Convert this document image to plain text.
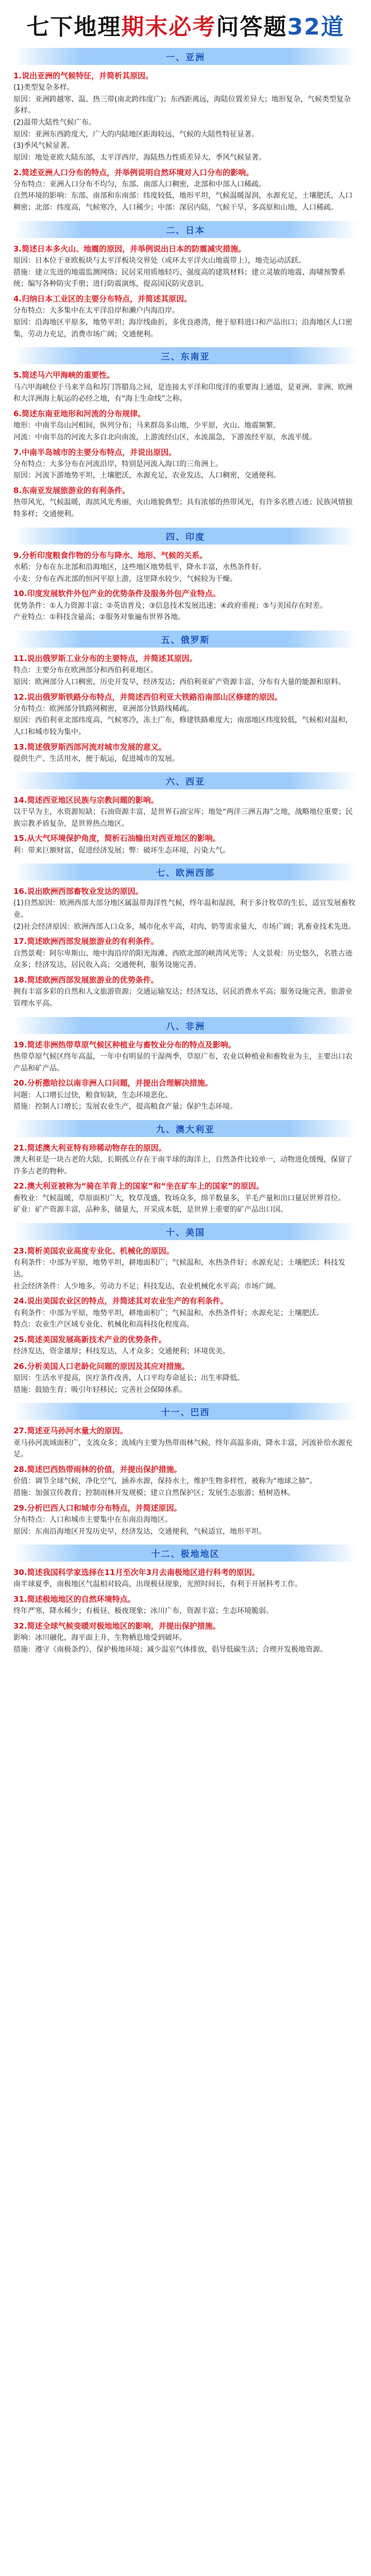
七下地理期末必考问答题32道
一、亚洲
1.说出亚洲的气候特征，并简析其原因。
(1)类型复杂多样。
原因：亚洲跨越寒、温、热三带(南北跨纬度广)；东西距离远，海陆位置差异大；地形复杂，气候类型复杂多样。
(2)温带大陆性气候广布。
原因：亚洲东西跨度大，广大的内陆地区距海较远，气候的大陆性特征显著。
(3)季风气候显著。
原因：地处亚欧大陆东部，太平洋西岸，海陆热力性质差异大，季风气候显著。
2.简述亚洲人口分布的特点，并举例说明自然环境对人口分布的影响。
分布特点：亚洲人口分布不均匀，东部、南部人口稠密，北部和中部人口稀疏。
自然环境的影响：东部、南部和东南部：纬度较低，地形平坦，气候温暖湿润，水源充足，土壤肥沃，人口稠密；北部：纬度高，气候寒冷，人口稀少；中部：深居内陆，气候干旱，多高原和山地，人口稀疏。
二、日本
3.简述日本多火山、地震的原因，并举例说出日本的防震减灾措施。
原因：日本位于亚欧板块与太平洋板块交界处（或环太平洋火山地震带上），地壳运动活跃。
措施：建立先进的地震监测网络；民居采用质地轻巧、强度高的建筑材料；建立灵敏的地震、海啸预警系统；编写各种防灾手册；进行防震演练，提高国民防灾意识。
4.归纳日本工业区的主要分布特点，并简述其原因。
分布特点：大多集中在太平洋沿岸和濑户内海沿岸。
原因：沿海地区平原多，地势平坦；海岸线曲折，多优良港湾，便于原料进口和产品出口；沿海地区人口密集，劳动力充足，消费市场广阔；交通便利。
三、东南亚
5.简述马六甲海峡的重要性。
马六甲海峡位于马来半岛和苏门答腊岛之间，是连接太平洋和印度洋的重要海上通道，是亚洲、非洲、欧洲和大洋洲海上航运的必经之地，有“海上生命线”之称。
6.简述东南亚地形和河流的分布规律。
地形：中南半岛山河相间，纵列分布；马来群岛多山地，少平原，火山、地震频繁。
河流：中南半岛的河流大多自北向南流，上游流经山区，水流湍急，下游流经平原，水流平缓。
7.中南半岛城市的主要分布特点，并说出原因。
分布特点：大多分布在河流沿岸，特别是河流入海口的三角洲上。
原因：河流下游地势平坦，土壤肥沃，水源充足，农业发达，人口稠密，交通便利。
8.东南亚发展旅游业的有利条件。
热带风光，气候温暖，海滨风光秀丽，火山地貌典型；具有浓郁的热带风光，有许多名胜古迹；民族风情独特多样；交通便利。
四、印度
9.分析印度粮食作物的分布与降水、地形、气候的关系。
水稻：分布在东北部和沿海地区，这些地区地势低平，降水丰富，水热条件好。
小麦：分布在西北部的恒河平原上游，这里降水较少，气候较为干燥。
10.印度发展软件外包产业的优势条件及服务外包产业特点。
优势条件：①人力资源丰富；②英语普及；③信息技术发展迅速；④政府重视；⑤与美国存在时差。
产业特点：①科技含量高；②服务对象遍布世界各地。
五、俄罗斯
11.说出俄罗斯工业分布的主要特点，并简述其原因。
特点：主要分布在欧洲部分和西伯利亚地区。
原因：欧洲部分人口稠密，历史开发早，经济发达；西伯利亚矿产资源丰富，分布有大量的能源和原料。
12.说出俄罗斯铁路分布特点，并简述西伯利亚大铁路沿南部山区修建的原因。
分布特点：欧洲部分铁路网稠密，亚洲部分铁路线稀疏。
原因：西伯利亚北部纬度高，气候寒冷，冻土广布，修建铁路难度大；南部地区纬度较低，气候相对温和，人口和城市较为集中。
13.简述俄罗斯西部河流对城市发展的意义。
提供生产、生活用水，便于航运，促进城市的发展。
六、西亚
14.简述西亚地区民族与宗教问题的影响。
以干旱为主，水资源短缺；石油资源丰富，是世界石油宝库；地处“两洋三洲五海”之地，战略地位重要；民族宗教矛盾复杂，是世界热点地区。
15.从大气环境保护角度，简析石油输出对西亚地区的影响。
利：带来巨额财富，促进经济发展；弊：破坏生态环境，污染大气。
七、欧洲西部
16.说出欧洲西部畜牧业发达的原因。
(1)自然原因：欧洲西部大部分地区属温带海洋性气候，终年温和湿润，利于多汁牧草的生长，适宜发展畜牧业。
(2)社会经济原因：欧洲西部人口众多，城市化水平高，对肉、奶等需求量大，市场广阔；乳畜业技术先进。
17.简述欧洲西部发展旅游业的有利条件。
自然景观：阿尔卑斯山、地中海沿岸的阳光海滩、西欧北部的峡湾风光等；人文景观：历史悠久，名胜古迹众多；经济发达，居民收入高；交通便利，服务设施完善。
18.简述欧洲西部发展旅游业的优势条件。
拥有丰富多彩的自然和人文旅游资源；交通运输发达；经济发达，居民消费水平高；服务设施完善，旅游业管理水平高。
八、非洲
19.简述非洲热带草原气候区种植业与畜牧业分布的特点及影响。
热带草原气候区终年高温，一年中有明显的干湿两季，草原广布，农业以种植业和畜牧业为主，主要出口农产品和矿产品。
20.分析撒哈拉以南非洲人口问题，并提出合理解决措施。
问题：人口增长过快，粮食短缺，生态环境恶化。
措施：控制人口增长；发展农业生产，提高粮食产量；保护生态环境。
九、澳大利亚
21.简述澳大利亚特有珍稀动物存在的原因。
澳大利亚是一块古老的大陆，长期孤立存在于南半球的海洋上，自然条件比较单一，动物进化缓慢，保留了许多古老的物种。
22.澳大利亚被称为“骑在羊背上的国家”和“坐在矿车上的国家”的原因。
畜牧业：气候温暖，草原面积广大，牧草茂盛，牧场众多，绵羊数量多，羊毛产量和出口量居世界首位。
矿业：矿产资源丰富，品种多，储量大，开采成本低，是世界上重要的矿产品出口国。
十、美国
23.简析美国农业高度专业化、机械化的原因。
有利条件：中部为平原，地势平坦，耕地面积广；气候温和，水热条件好；水源充足；土壤肥沃；科技发达。
社会经济条件：人少地多，劳动力不足；科技发达，农业机械化水平高；市场广阔。
24.说出美国农业区的特点，并简述其对农业生产的有利条件。
有利条件：中部为平原，地势平坦，耕地面积广；气候温和，水热条件好；水源充足；土壤肥沃。
特点：农业生产区域专业化、机械化和高科技化程度高。
25.简述美国发展高新技术产业的优势条件。
经济发达，资金雄厚；科技发达，人才众多；交通便利；环境优美。
26.分析美国人口老龄化问题的原因及其应对措施。
原因：生活水平提高，医疗条件改善，人口平均寿命延长；出生率降低。
措施：鼓励生育；吸引年轻移民；完善社会保障体系。
十一、巴西
27.简述亚马孙河水量大的原因。
亚马孙河流域面积广，支流众多；流域内主要为热带雨林气候，终年高温多雨，降水丰富，河流补给水源充足。
28.简述巴西热带雨林的价值，并提出保护措施。
价值：调节全球气候，净化空气，涵养水源，保持水土，维护生物多样性，被称为“地球之肺”。
措施：加强宣传教育；控制雨林开发规模；建立自然保护区；发展生态旅游；植树造林。
29.分析巴西人口和城市分布特点，并简述原因。
分布特点：人口和城市主要集中在东南沿海地区。
原因：东南沿海地区开发历史早，经济发达，交通便利，气候适宜，地形平坦。
十二、极地地区
30.简述我国科学家选择在11月至次年3月去南极地区进行科考的原因。
南半球夏季，南极地区气温相对较高，出现极昼现象，光照时间长，有利于开展科考工作。
31.简述极地地区的自然环境特点。
终年严寒，降水稀少；有极昼、极夜现象；冰川广布，资源丰富；生态环境脆弱。
32.简述全球气候变暖对极地地区的影响，并提出保护措施。
影响：冰川融化，海平面上升，生物栖息地受到破坏。
措施：遵守《南极条约》，保护极地环境；减少温室气体排放，倡导低碳生活；合理开发极地资源。
